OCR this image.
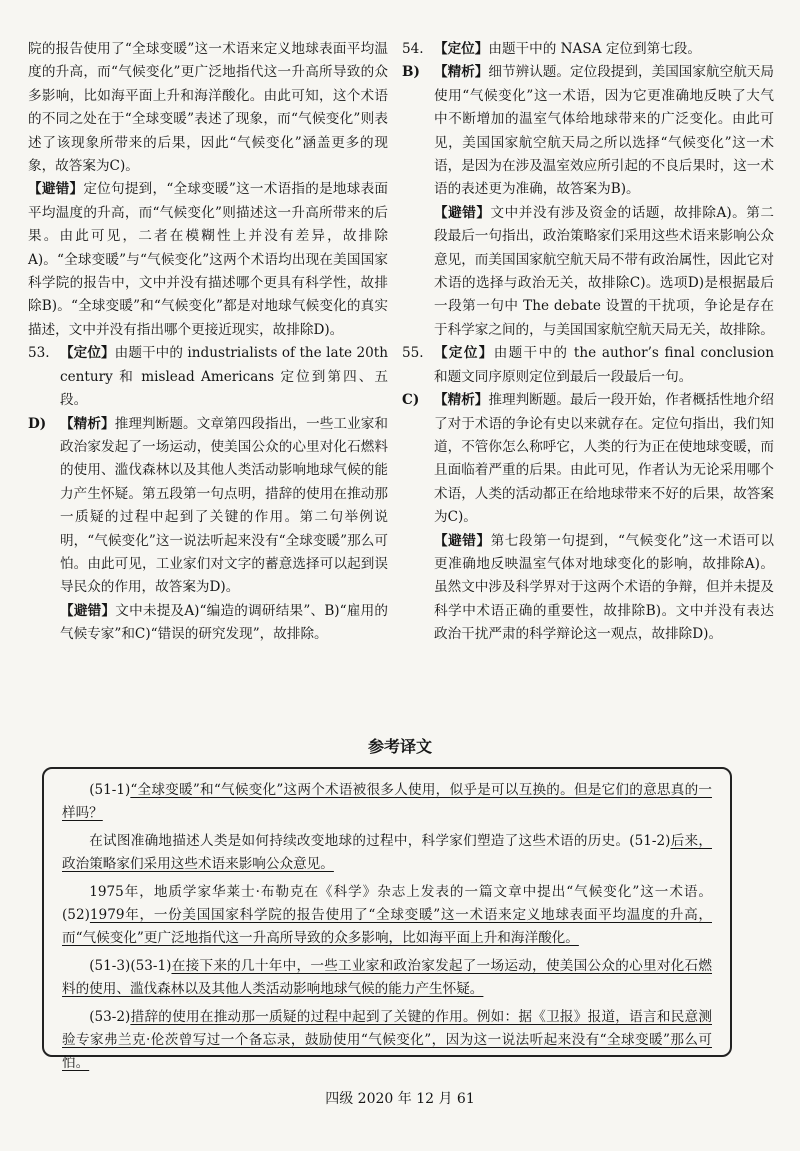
院的报告使用了“全球变暖”这一术语来定义地球表面平均温度的升高，而“气候变化”更广泛地指代这一升高所导致的众多影响，比如海平面上升和海洋酸化。由此可知，这个术语的不同之处在于“全球变暖”表述了现象，而“气候变化”则表述了该现象所带来的后果，因此“气候变化”涵盖更多的现象，故答案为C)。

【避错】定位句提到，“全球变暖”这一术语指的是地球表面平均温度的升高，而“气候变化”则描述这一升高所带来的后果。由此可见，二者在模糊性上并没有差异，故排除A)。“全球变暖”与“气候变化”这两个术语均出现在美国国家科学院的报告中，文中并没有描述哪个更具有科学性，故排除B)。“全球变暖”和“气候变化”都是对地球气候变化的真实描述，文中并没有指出哪个更接近现实，故排除D)。

53. 【定位】由题干中的 industrialists of the late 20th century 和 mislead Americans 定位到第四、五段。
D)	【精析】推理判断题。文章第四段指出，一些工业家和政治家发起了一场运动，使美国公众的心里对化石燃料的使用、滥伐森林以及其他人类活动影响地球气候的能力产生怀疑。第五段第一句点明，措辞的使用在推动那一质疑的过程中起到了关键的作用。第二句举例说明，“气候变化”这一说法听起来没有“全球变暖”那么可怕。由此可见，工业家们对文字的蓄意选择可以起到误导民众的作用，故答案为D)。

【避错】文中未提及A)“编造的调研结果”、B)“雇用的气候专家”和C)“错误的研究发现”，故排除。

54. 【定位】由题干中的 NASA 定位到第七段。
B)	【精析】细节辨认题。定位段提到，美国国家航空航天局使用“气候变化”这一术语，因为它更准确地反映了大气中不断增加的温室气体给地球带来的广泛变化。由此可见，美国国家航空航天局之所以选择“气候变化”这一术语，是因为在涉及温室效应所引起的不良后果时，这一术语的表述更为准确，故答案为B)。

【避错】文中并没有涉及资金的话题，故排除A)。第二段最后一句指出，政治策略家们采用这些术语来影响公众意见，而美国国家航空航天局不带有政治属性，因此它对术语的选择与政治无关，故排除C)。选项D)是根据最后一段第一句中 The debate 设置的干扰项，争论是存在于科学家之间的，与美国国家航空航天局无关，故排除。

55. 【定位】由题干中的 the author’s final conclusion 和题文同序原则定位到最后一段最后一句。
C)	【精析】推理判断题。最后一段开始，作者概括性地介绍了对于术语的争论有史以来就存在。定位句指出，我们知道，不管你怎么称呼它，人类的行为正在使地球变暖，而且面临着严重的后果。由此可见，作者认为无论采用哪个术语，人类的活动都正在给地球带来不好的后果，故答案为C)。

【避错】第七段第一句提到，“气候变化”这一术语可以更准确地反映温室气体对地球变化的影响，故排除A)。虽然文中涉及科学界对于这两个术语的争辩，但并未提及科学中术语正确的重要性，故排除B)。文中并没有表达政治干扰严肃的科学辩论这一观点，故排除D)。

参考译文

(51-1)“全球变暖”和“气候变化”这两个术语被很多人使用，似乎是可以互换的。但是它们的意思真的一样吗？

在试图准确地描述人类是如何持续改变地球的过程中，科学家们塑造了这些术语的历史。(51-2)后来，政治策略家们采用这些术语来影响公众意见。

1975年，地质学家华莱士·布勒克在《科学》杂志上发表的一篇文章中提出“气候变化”这一术语。(52)1979年，一份美国国家科学院的报告使用了“全球变暖”这一术语来定义地球表面平均温度的升高，而“气候变化”更广泛地指代这一升高所导致的众多影响，比如海平面上升和海洋酸化。

(51-3)(53-1)在接下来的几十年中，一些工业家和政治家发起了一场运动，使美国公众的心里对化石燃料的使用、滥伐森林以及其他人类活动影响地球气候的能力产生怀疑。

(53-2)措辞的使用在推动那一质疑的过程中起到了关键的作用。例如：据《卫报》报道，语言和民意测验专家弗兰克·伦茨曾写过一个备忘录，鼓励使用“气候变化”，因为这一说法听起来没有“全球变暖”那么可怕。

四级 2020 年 12 月 61
